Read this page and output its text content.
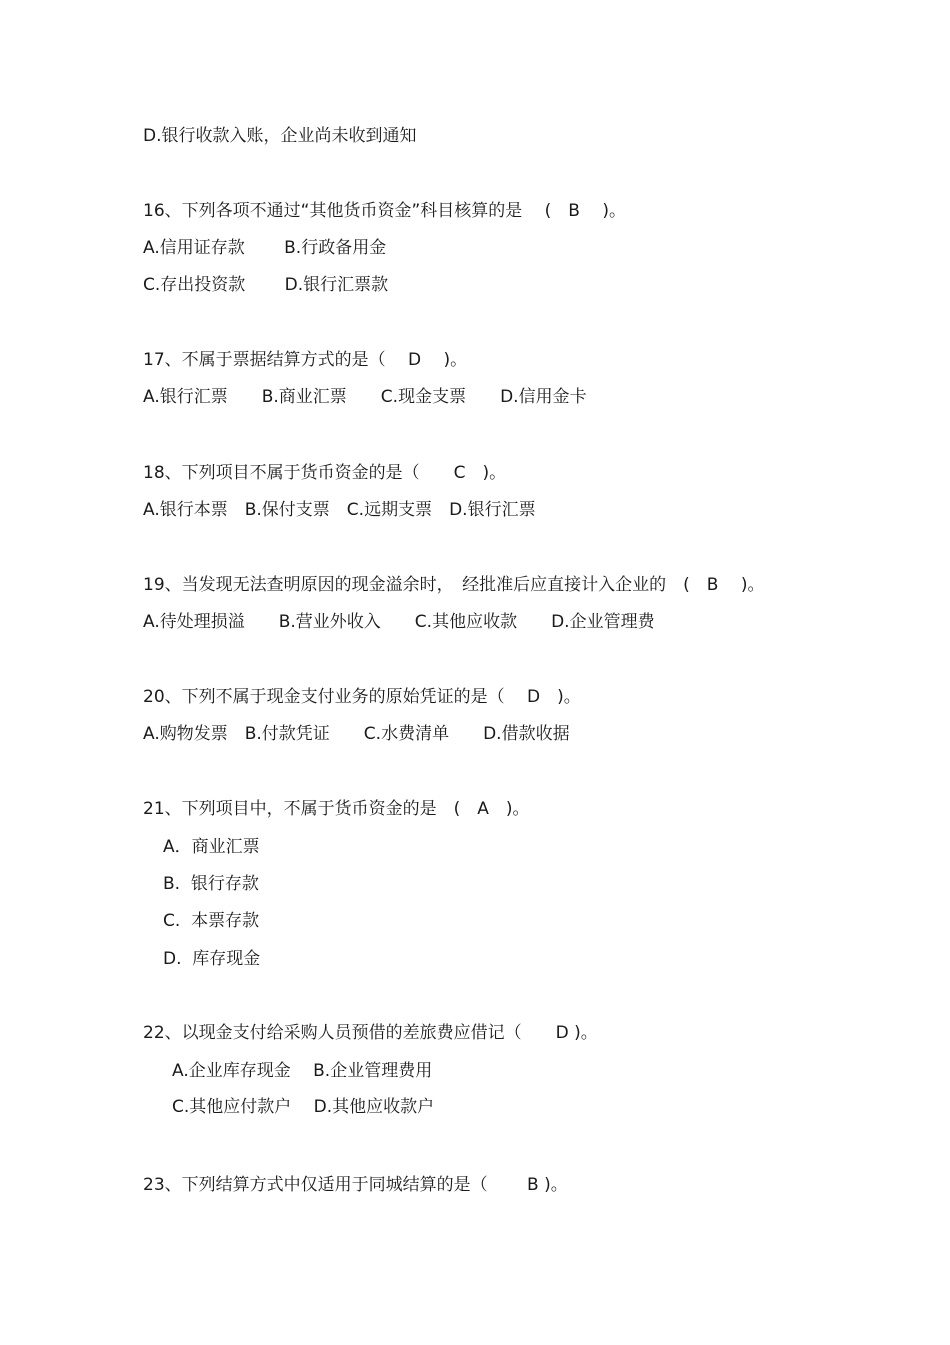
D.银行收款入账，企业尚未收到通知
16、下列各项不通过“其他货币资金”科目核算的是　 (　B　 )。
A.信用证存款　　 B.行政备用金
C.存出投资款　　 D.银行汇票款
17、不属于票据结算方式的是（　 D　 )。
A.银行汇票　　B.商业汇票　　C.现金支票　　D.信用金卡
18、下列项目不属于货币资金的是（　　C　)。
A.银行本票　B.保付支票　C.远期支票　D.银行汇票
19、当发现无法查明原因的现金溢余时，　经批准后应直接计入企业的　(　B　 )。
A.待处理损溢　　B.营业外收入　　C.其他应收款　　D.企业管理费
20、下列不属于现金支付业务的原始凭证的是（　 D　)。
A.购物发票　B.付款凭证　　C.水费清单　　D.借款收据
21、下列项目中，不属于货币资金的是　(　A　)。
A．商业汇票
B.  银行存款
C.  本票存款
D.  库存现金
22、以现金支付给采购人员预借的差旅费应借记（　　D )。
A.企业库存现金　 B.企业管理费用
C.其他应付款户　 D.其他应收款户
23、下列结算方式中仅适用于同城结算的是（　　 B )。
